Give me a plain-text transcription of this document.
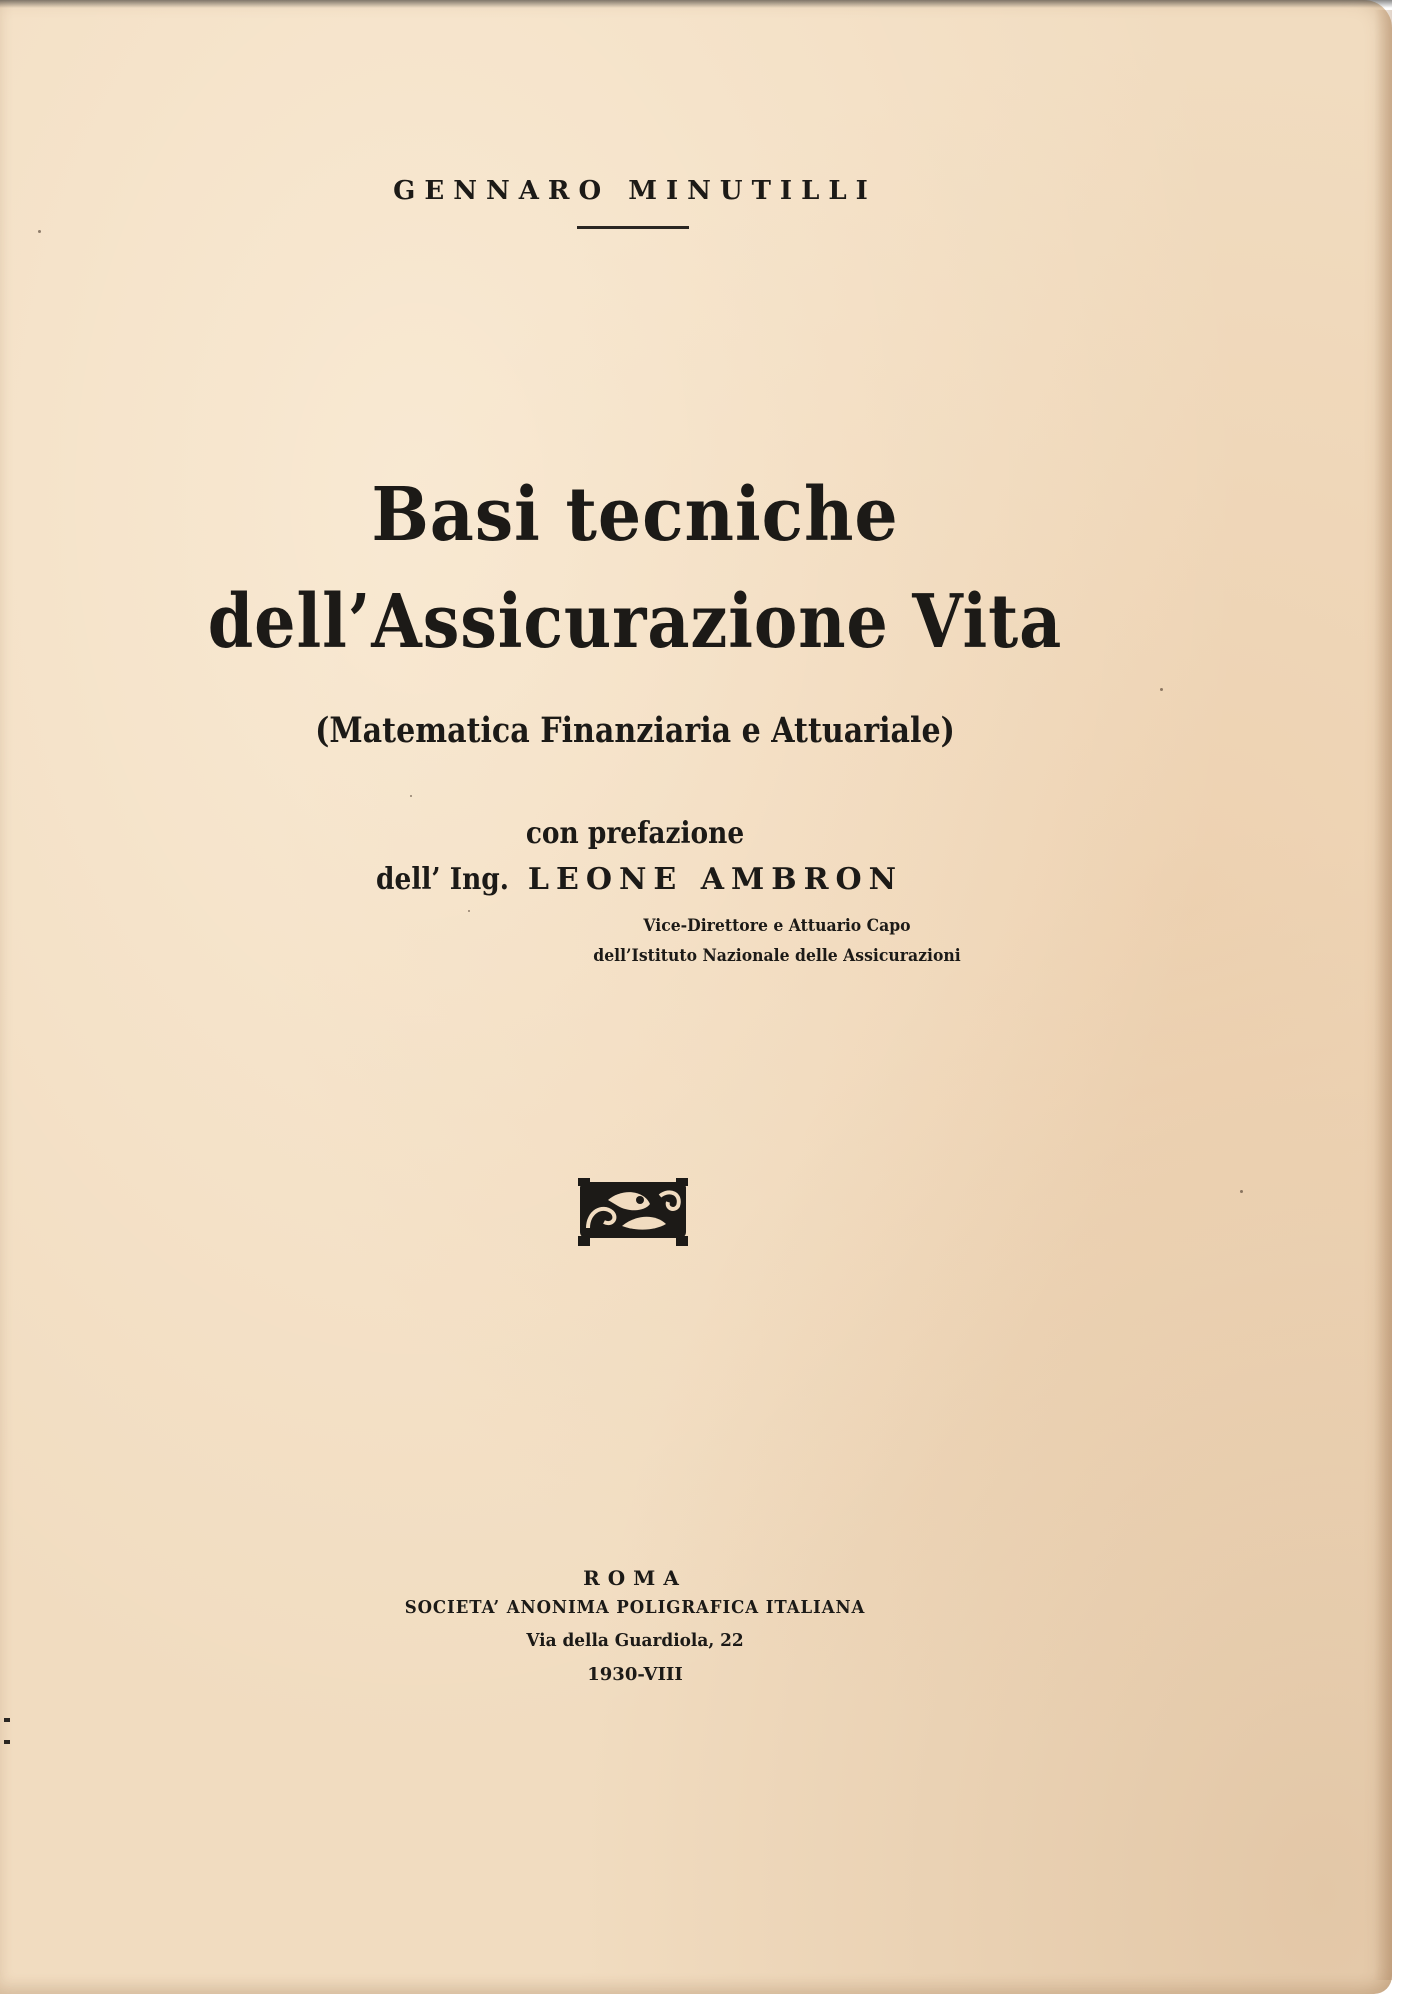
GENNARO MINUTILLI
Basi tecniche
dell’Assicurazione Vita
(Matematica Finanziaria e Attuariale)
con prefazione
dell’ Ing. LEONE AMBRON
Vice-Direttore e Attuario Capo
dell’Istituto Nazionale delle Assicurazioni
ROMA
SOCIETA’ ANONIMA POLIGRAFICA ITALIANA
Via della Guardiola, 22
1930-VIII
